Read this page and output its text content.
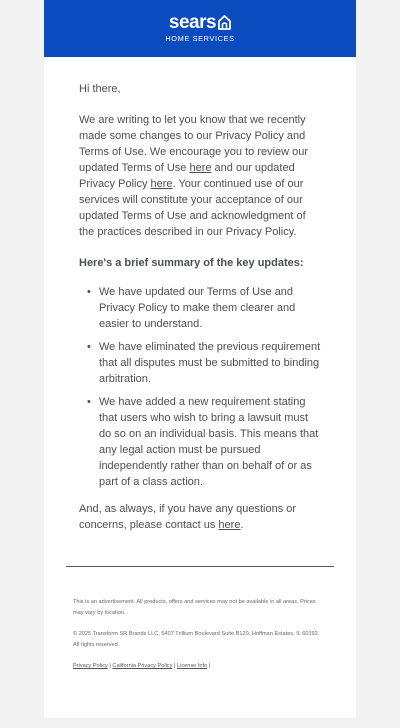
sears
HOME SERVICES

Hi there,

We are writing to let you know that we recently made some changes to our Privacy Policy and Terms of Use. We encourage you to review our updated Terms of Use here and our updated Privacy Policy here. Your continued use of our services will constitute your acceptance of our updated Terms of Use and acknowledgment of the practices described in our Privacy Policy.

Here's a brief summary of the key updates:

• We have updated our Terms of Use and Privacy Policy to make them clearer and easier to understand.
• We have eliminated the previous requirement that all disputes must be submitted to binding arbitration.
• We have added a new requirement stating that users who wish to bring a lawsuit must do so on an individual basis. This means that any legal action must be pursued independently rather than on behalf of or as part of a class action.

And, as always, if you have any questions or concerns, please contact us here.

This is an advertisement. All products, offers and services may not be available in all areas. Prices may vary by location.

© 2025 Transform SR Brands LLC, 5407 Trillium Boulevard Suite B120, Hoffman Estates, IL 60192. All rights reserved.

Privacy Policy | California Privacy Policy | License Info |
